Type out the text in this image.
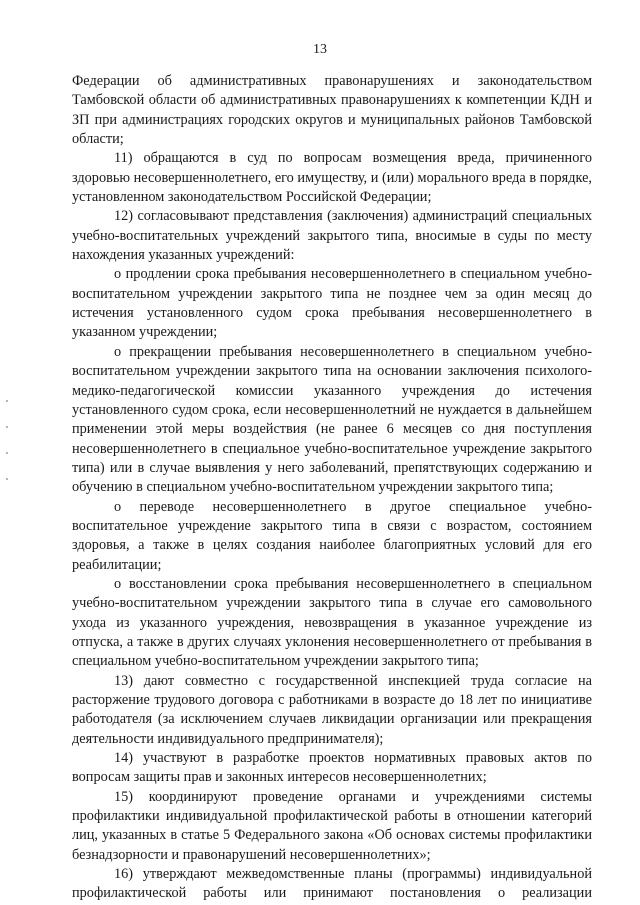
13

Федерации об административных правонарушениях и законодательством Тамбовской области об административных правонарушениях к компетенции КДН и ЗП при администрациях городских округов и муниципальных районов Тамбовской области;

11) обращаются в суд по вопросам возмещения вреда, причиненного здоровью несовершеннолетнего, его имуществу, и (или) морального вреда в порядке, установленном законодательством Российской Федерации;

12) согласовывают представления (заключения) администраций специальных учебно-воспитательных учреждений закрытого типа, вносимые в суды по месту нахождения указанных учреждений:

о продлении срока пребывания несовершеннолетнего в специальном учебно-воспитательном учреждении закрытого типа не позднее чем за один месяц до истечения установленного судом срока пребывания несовершеннолетнего в указанном учреждении;

о прекращении пребывания несовершеннолетнего в специальном учебно-воспитательном учреждении закрытого типа на основании заключения психолого-медико-педагогической комиссии указанного учреждения до истечения установленного судом срока, если несовершеннолетний не нуждается в дальнейшем применении этой меры воздействия (не ранее 6 месяцев со дня поступления несовершеннолетнего в специальное учебно-воспитательное учреждение закрытого типа) или в случае выявления у него заболеваний, препятствующих содержанию и обучению в специальном учебно-воспитательном учреждении закрытого типа;

о переводе несовершеннолетнего в другое специальное учебно-воспитательное учреждение закрытого типа в связи с возрастом, состоянием здоровья, а также в целях создания наиболее благоприятных условий для его реабилитации;

о восстановлении срока пребывания несовершеннолетнего в специальном учебно-воспитательном учреждении закрытого типа в случае его самовольного ухода из указанного учреждения, невозвращения в указанное учреждение из отпуска, а также в других случаях уклонения несовершеннолетнего от пребывания в специальном учебно-воспитательном учреждении закрытого типа;

13) дают совместно с государственной инспекцией труда согласие на расторжение трудового договора с работниками в возрасте до 18 лет по инициативе работодателя (за исключением случаев ликвидации организации или прекращения деятельности индивидуального предпринимателя);

14) участвуют в разработке проектов нормативных правовых актов по вопросам защиты прав и законных интересов несовершеннолетних;

15) координируют проведение органами и учреждениями системы профилактики индивидуальной профилактической работы в отношении категорий лиц, указанных в статье 5 Федерального закона «Об основах системы профилактики безнадзорности и правонарушений несовершеннолетних»;

16) утверждают межведомственные планы (программы) индивидуальной профилактической работы или принимают постановления о реализации
